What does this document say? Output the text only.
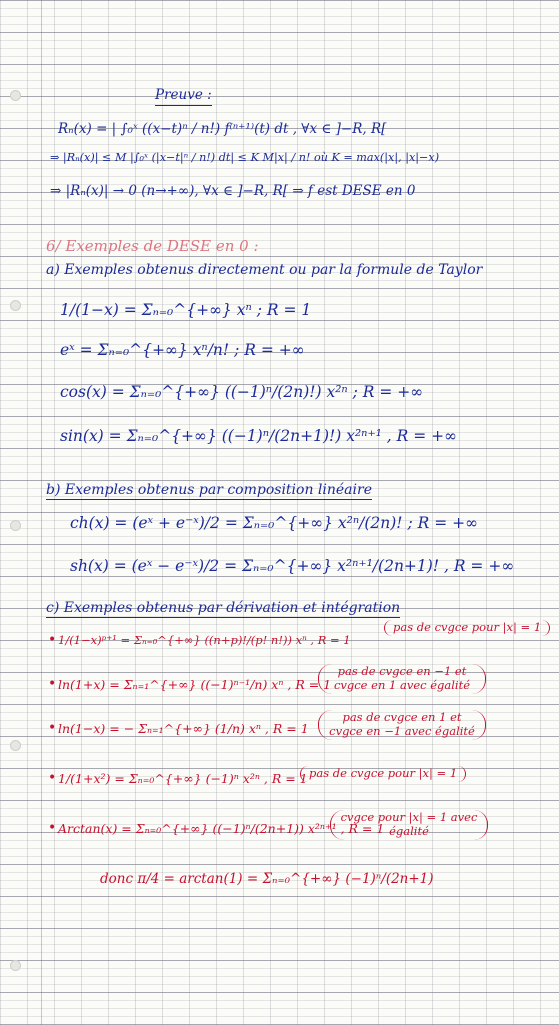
Preuve :
Rₙ(x) = | ∫₀ˣ ((x−t)ⁿ / n!) f⁽ⁿ⁺¹⁾(t) dt , ∀x ∈ ]−R, R[
⇒ |Rₙ(x)| ≤ M |∫₀ˣ (|x−t|ⁿ / n!) dt| ≤ K M|x| / n! où K = max(|x|, |x|−x)
⇒ |Rₙ(x)| → 0 (n→+∞), ∀x ∈ ]−R, R[ ⇒ f est DESE en 0
6/ Exemples de DESE en 0 :
a) Exemples obtenus directement ou par la formule de Taylor
1/(1−x) = Σₙ₌₀^{+∞} xⁿ ; R = 1
eˣ = Σₙ₌₀^{+∞} xⁿ/n! ; R = +∞
cos(x) = Σₙ₌₀^{+∞} ((−1)ⁿ/(2n)!) x²ⁿ ; R = +∞
sin(x) = Σₙ₌₀^{+∞} ((−1)ⁿ/(2n+1)!) x²ⁿ⁺¹ , R = +∞
b) Exemples obtenus par composition linéaire
ch(x) = (eˣ + e⁻ˣ)/2 = Σₙ₌₀^{+∞} x²ⁿ/(2n)! ; R = +∞
sh(x) = (eˣ − e⁻ˣ)/2 = Σₙ₌₀^{+∞} x²ⁿ⁺¹/(2n+1)! , R = +∞
c) Exemples obtenus par dérivation et intégration
• 1/(1−x)ᵖ⁺¹ = Σₙ₌₀^{+∞} ((n+p)!/(p! n!)) xⁿ , R = 1
pas de cvgce pour |x| = 1
• ln(1+x) = Σₙ₌₁^{+∞} ((−1)ⁿ⁻¹/n) xⁿ , R = 1
pas de cvgce en −1 et cvgce en 1 avec égalité
• ln(1−x) = − Σₙ₌₁^{+∞} (1/n) xⁿ , R = 1
pas de cvgce en 1 et cvgce en −1 avec égalité
• 1/(1+x²) = Σₙ₌₀^{+∞} (−1)ⁿ x²ⁿ , R = 1 pas de cvgce pour |x| = 1
• Arctan(x) = Σₙ₌₀^{+∞} ((−1)ⁿ/(2n+1)) x²ⁿ⁺¹ , R = 1
cvgce pour |x| = 1 avec égalité
donc π/4 = arctan(1) = Σₙ₌₀^{+∞} (−1)ⁿ/(2n+1)
